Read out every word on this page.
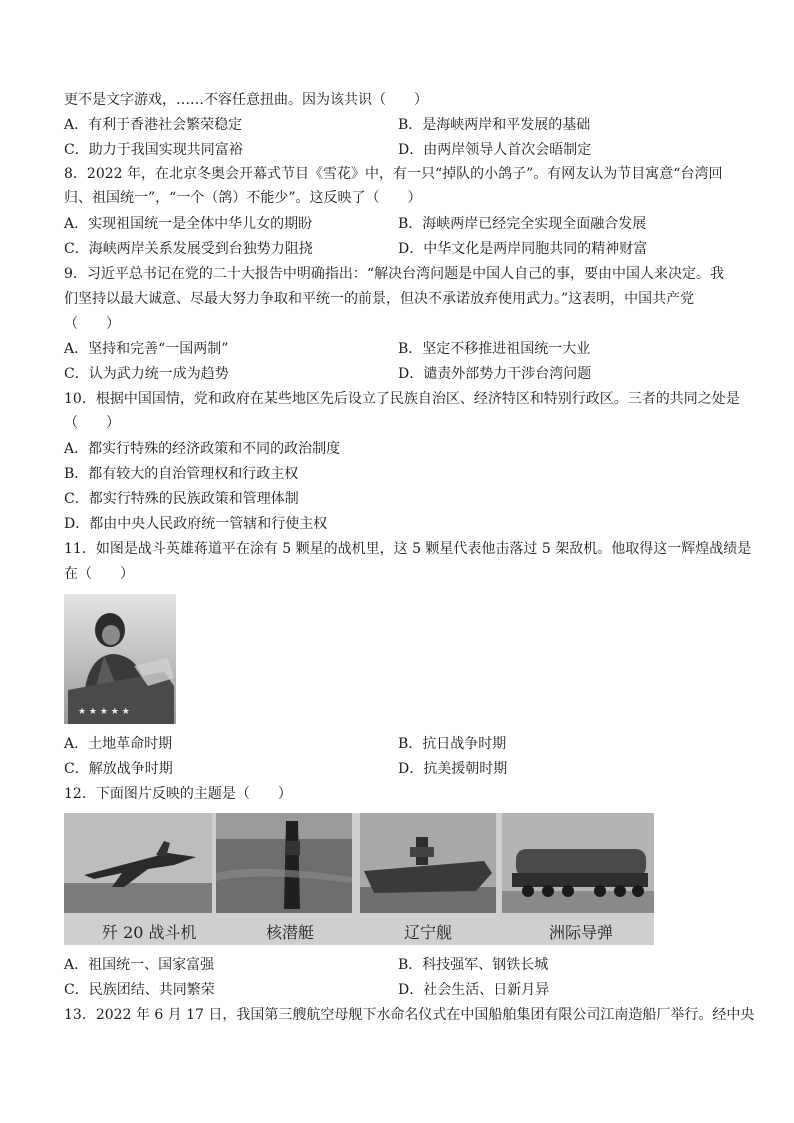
更不是文字游戏，……不容任意扭曲。因为该共识（　　）
A．有利于香港社会繁荣稳定	B．是海峡两岸和平发展的基础
C．助力于我国实现共同富裕	D．由两岸领导人首次会晤制定
8．2022 年，在北京冬奥会开幕式节目《雪花》中，有一只“掉队的小鸽子”。有网友认为节目寓意“台湾回
归、祖国统一”，“一个（鸽）不能少”。这反映了（　　）
A．实现祖国统一是全体中华儿女的期盼	B．海峡两岸已经完全实现全面融合发展
C．海峡两岸关系发展受到台独势力阻挠	D．中华文化是两岸同胞共同的精神财富
9．习近平总书记在党的二十大报告中明确指出：“解决台湾问题是中国人自己的事，要由中国人来决定。我
们坚持以最大诚意、尽最大努力争取和平统一的前景，但决不承诺放弃使用武力。”这表明，中国共产党
（　　）
A．坚持和完善“一国两制”	B．坚定不移推进祖国统一大业
C．认为武力统一成为趋势	D．谴责外部势力干涉台湾问题
10．根据中国国情，党和政府在某些地区先后设立了民族自治区、经济特区和特别行政区。三者的共同之处是
（　　）
A．都实行特殊的经济政策和不同的政治制度
B．都有较大的自治管理权和行政主权
C．都实行特殊的民族政策和管理体制
D．都由中央人民政府统一管辖和行使主权
11．如图是战斗英雄蒋道平在涂有 5 颗星的战机里，这 5 颗星代表他击落过 5 架敌机。他取得这一辉煌战绩是
在（　　）
★ ★ ★ ★ ★
A．土地革命时期	B．抗日战争时期
C．解放战争时期	D．抗美援朝时期
12．下面图片反映的主题是（　　）
歼 20 战斗机	核潜艇	辽宁舰	洲际导弹
A．祖国统一、国家富强	B．科技强军、钢铁长城
C．民族团结、共同繁荣	D．社会生活、日新月异
13．2022 年 6 月 17 日，我国第三艘航空母舰下水命名仪式在中国船舶集团有限公司江南造船厂举行。经中央
